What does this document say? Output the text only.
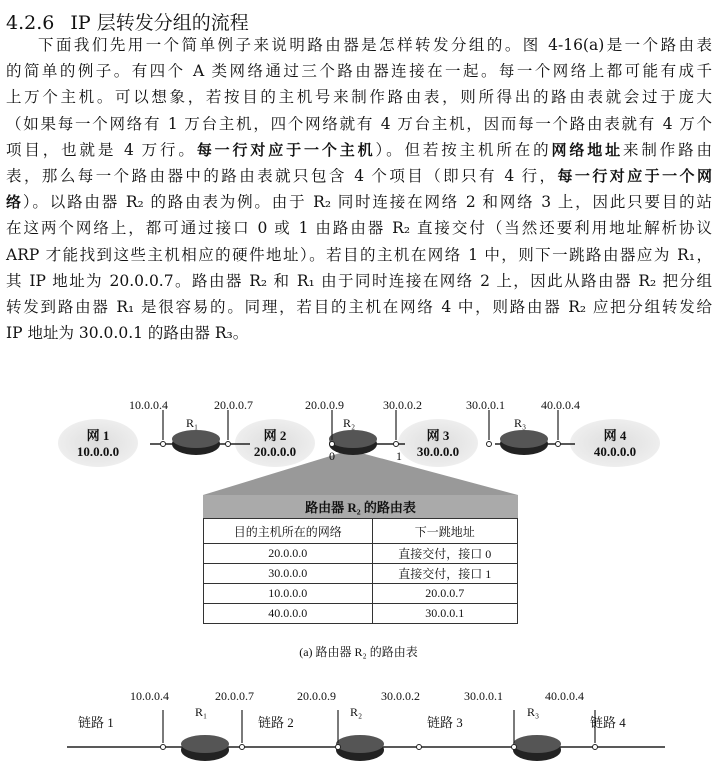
4.2.6 IP 层转发分组的流程
下面我们先用一个简单例子来说明路由器是怎样转发分组的。图 4-16(a)是一个路由表
的简单的例子。有四个 A 类网络通过三个路由器连接在一起。每一个网络上都可能有成千
上万个主机。可以想象，若按目的主机号来制作路由表，则所得出的路由表就会过于庞大
（如果每一个网络有 1 万台主机，四个网络就有 4 万台主机，因而每一个路由表就有 4 万个
项目，也就是 4 万行。每一行对应于一个主机）。但若按主机所在的网络地址来制作路由
表，那么每一个路由器中的路由表就只包含 4 个项目（即只有 4 行，每一行对应于一个网
络）。以路由器 R₂ 的路由表为例。由于 R₂ 同时连接在网络 2 和网络 3 上，因此只要目的站
在这两个网络上，都可通过接口 0 或 1 由路由器 R₂ 直接交付（当然还要利用地址解析协议
ARP 才能找到这些主机相应的硬件地址）。若目的主机在网络 1 中，则下一跳路由器应为 R₁，
其 IP 地址为 20.0.0.7。路由器 R₂ 和 R₁ 由于同时连接在网络 2 上，因此从路由器 R₂ 把分组
转发到路由器 R₁ 是很容易的。同理，若目的主机在网络 4 中，则路由器 R₂ 应把分组转发给
IP 地址为 30.0.0.1 的路由器 R₃。
10.0.0.4	20.0.0.7	20.0.0.9	30.0.0.2	30.0.0.1	40.0.0.4
R₁	R₂	R₃
0	1
网 1
10.0.0.0
网 2
20.0.0.0
网 3
30.0.0.0
网 4
40.0.0.0
路由器 R₂ 的路由表
目的主机所在的网络	下一跳地址
20.0.0.0	直接交付，接口 0
30.0.0.0	直接交付，接口 1
10.0.0.0	20.0.0.7
40.0.0.0	30.0.0.1
(a) 路由器 R₂ 的路由表
10.0.0.4	20.0.0.7	20.0.0.9	30.0.0.2	30.0.0.1	40.0.0.4
R₁	R₂	R₃
链路 1	链路 2	链路 3	链路 4
